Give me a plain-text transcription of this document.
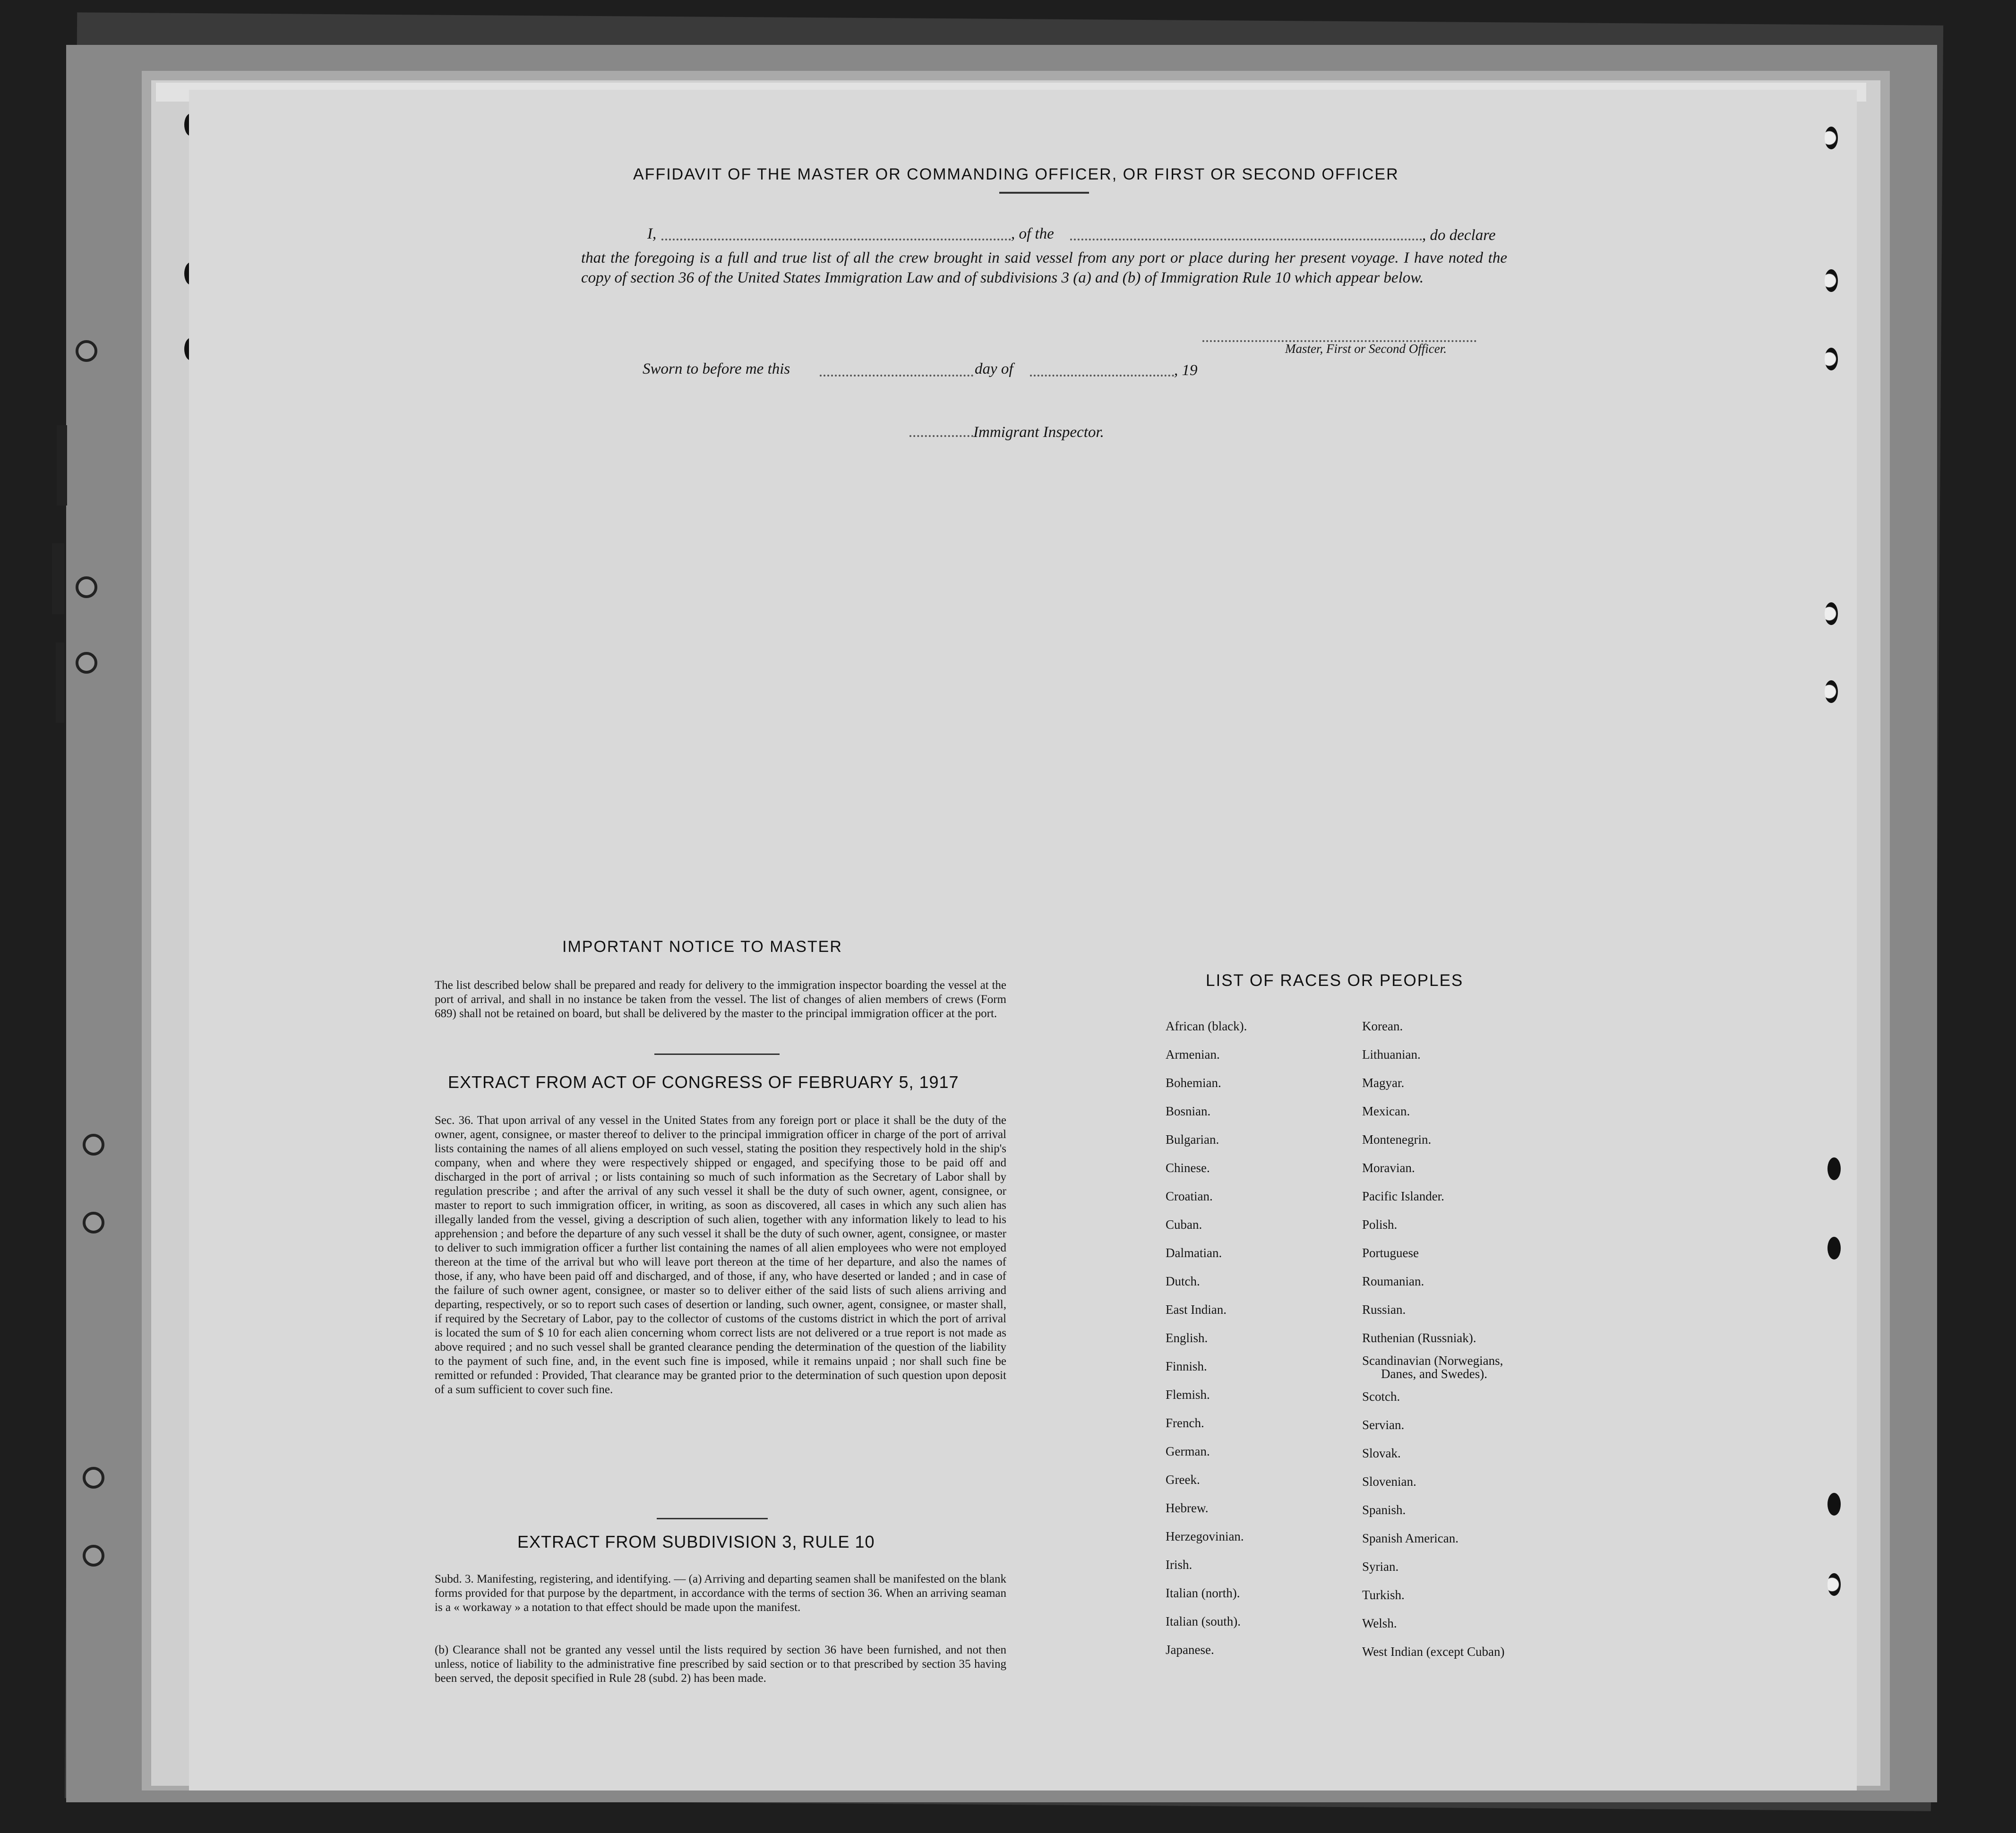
AFFIDAVIT OF THE MASTER OR COMMANDING OFFICER, OR FIRST OR SECOND OFFICER
I,	, of the	, do declare
that the foregoing is a full and true list of all the crew brought in said vessel from any port or place during her present voyage. I have noted the copy of section 36 of the United States Immigration Law and of subdivisions 3 (a) and (b) of Immigration Rule 10 which appear below.
Master, First or Second Officer.
Sworn to before me this	day of	, 19
Immigrant Inspector.
IMPORTANT NOTICE TO MASTER
The list described below shall be prepared and ready for delivery to the immigration inspector boarding the vessel at the port of arrival, and shall in no instance be taken from the vessel. The list of changes of alien members of crews (Form 689) shall not be retained on board, but shall be delivered by the master to the principal immigration officer at the port.
EXTRACT FROM ACT OF CONGRESS OF FEBRUARY 5, 1917
Sec. 36. That upon arrival of any vessel in the United States from any foreign port or place it shall be the duty of the owner, agent, consignee, or master thereof to deliver to the principal immigration officer in charge of the port of arrival lists containing the names of all aliens employed on such vessel, stating the position they respectively hold in the ship's company, when and where they were respectively shipped or engaged, and specifying those to be paid off and discharged in the port of arrival ; or lists containing so much of such information as the Secretary of Labor shall by regulation prescribe ; and after the arrival of any such vessel it shall be the duty of such owner, agent, consignee, or master to report to such immigration officer, in writing, as soon as discovered, all cases in which any such alien has illegally landed from the vessel, giving a description of such alien, together with any information likely to lead to his apprehension ; and before the departure of any such vessel it shall be the duty of such owner, agent, consignee, or master to deliver to such immigration officer a further list containing the names of all alien employees who were not employed thereon at the time of the arrival but who will leave port thereon at the time of her departure, and also the names of those, if any, who have been paid off and discharged, and of those, if any, who have deserted or landed ; and in case of the failure of such owner agent, consignee, or master so to deliver either of the said lists of such aliens arriving and departing, respectively, or so to report such cases of desertion or landing, such owner, agent, consignee, or master shall, if required by the Secretary of Labor, pay to the collector of customs of the customs district in which the port of arrival is located the sum of $ 10 for each alien concerning whom correct lists are not delivered or a true report is not made as above required ; and no such vessel shall be granted clearance pending the determination of the question of the liability to the payment of such fine, and, in the event such fine is imposed, while it remains unpaid ; nor shall such fine be remitted or refunded : Provided, That clearance may be granted prior to the determination of such question upon deposit of a sum sufficient to cover such fine.
EXTRACT FROM SUBDIVISION 3, RULE 10
Subd. 3. Manifesting, registering, and identifying. — (a) Arriving and departing seamen shall be manifested on the blank forms provided for that purpose by the department, in accordance with the terms of section 36. When an arriving seaman is a « workaway » a notation to that effect should be made upon the manifest.
(b) Clearance shall not be granted any vessel until the lists required by section 36 have been furnished, and not then unless, notice of liability to the administrative fine prescribed by said section or to that prescribed by section 35 having been served, the deposit specified in Rule 28 (subd. 2) has been made.
LIST OF RACES OR PEOPLES
African (black).
Armenian.
Bohemian.
Bosnian.
Bulgarian.
Chinese.
Croatian.
Cuban.
Dalmatian.
Dutch.
East Indian.
English.
Finnish.
Flemish.
French.
German.
Greek.
Hebrew.
Herzegovinian.
Irish.
Italian (north).
Italian (south).
Japanese.
Korean.
Lithuanian.
Magyar.
Mexican.
Montenegrin.
Moravian.
Pacific Islander.
Polish.
Portuguese
Roumanian.
Russian.
Ruthenian (Russniak).
Scandinavian (Norwegians,
Danes, and Swedes).
Scotch.
Servian.
Slovak.
Slovenian.
Spanish.
Spanish American.
Syrian.
Turkish.
Welsh.
West Indian (except Cuban)
